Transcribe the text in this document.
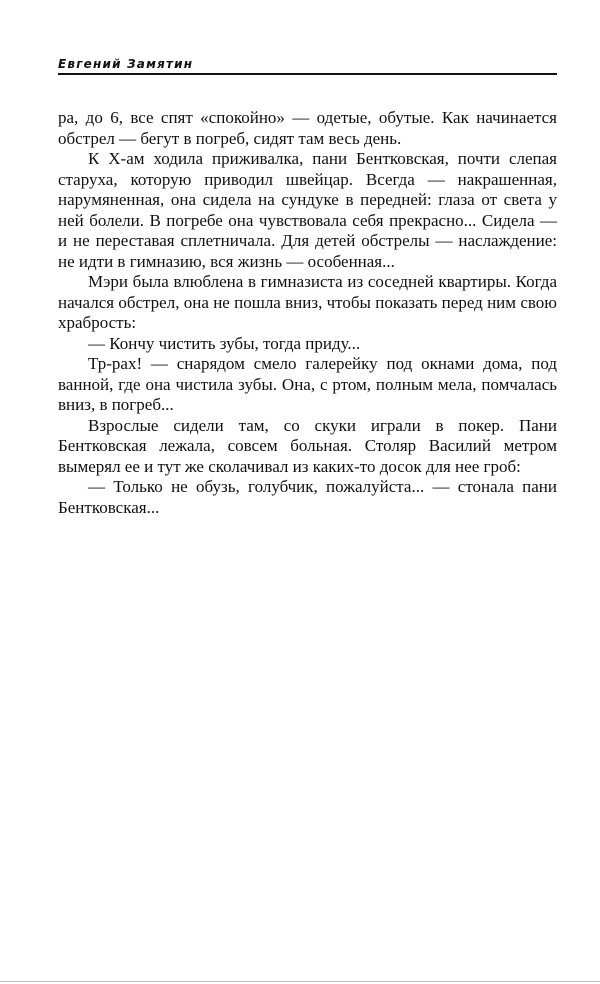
Евгений Замятин

ра, до 6, все спят «спокойно» — одетые, обутые. Как начинается обстрел — бегут в погреб, сидят там весь день.

К Х-ам ходила приживалка, пани Бентковская, почти слепая старуха, которую приводил швейцар. Всегда — накрашенная, нарумяненная, она сидела на сундуке в передней: глаза от света у ней болели. В погребе она чувствовала себя прекрасно... Сидела — и не переставая сплетничала. Для детей обстрелы — наслаждение: не идти в гимназию, вся жизнь — особенная...

Мэри была влюблена в гимназиста из соседней квартиры. Когда начался обстрел, она не пошла вниз, чтобы показать перед ним свою храбрость:

— Кончу чистить зубы, тогда приду...

Тр-рах! — снарядом смело галерейку под окнами дома, под ванной, где она чистила зубы. Она, с ртом, полным мела, помчалась вниз, в погреб...

Взрослые сидели там, со скуки играли в покер. Пани Бентковская лежала, совсем больная. Столяр Василий метром вымерял ее и тут же сколачивал из каких-то досок для нее гроб:

— Только не обузь, голубчик, пожалуйста... — стонала пани Бентковская...
